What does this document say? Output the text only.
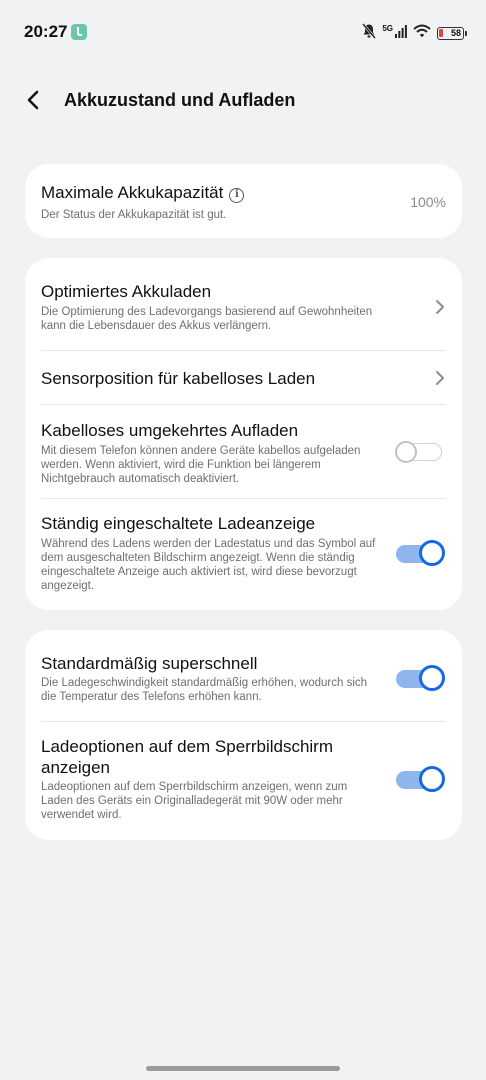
20:27	5G	58
Akkuzustand und Aufladen
Maximale Akkukapazität i
Der Status der Akkukapazität ist gut.
100%
Optimiertes Akkuladen
Die Optimierung des Ladevorgangs basierend auf Gewohnheiten kann die Lebensdauer des Akkus verlängern.
Sensorposition für kabelloses Laden
Kabelloses umgekehrtes Aufladen
Mit diesem Telefon können andere Geräte kabellos aufgeladen werden. Wenn aktiviert, wird die Funktion bei längerem Nichtgebrauch automatisch deaktiviert.
Ständig eingeschaltete Ladeanzeige
Während des Ladens werden der Ladestatus und das Symbol auf dem ausgeschalteten Bildschirm angezeigt. Wenn die ständig eingeschaltete Anzeige auch aktiviert ist, wird diese bevorzugt angezeigt.
Standardmäßig superschnell
Die Ladegeschwindigkeit standardmäßig erhöhen, wodurch sich die Temperatur des Telefons erhöhen kann.
Ladeoptionen auf dem Sperrbildschirm
anzeigen
Ladeoptionen auf dem Sperrbildschirm anzeigen, wenn zum Laden des Geräts ein Originalladegerät mit 90W oder mehr verwendet wird.
